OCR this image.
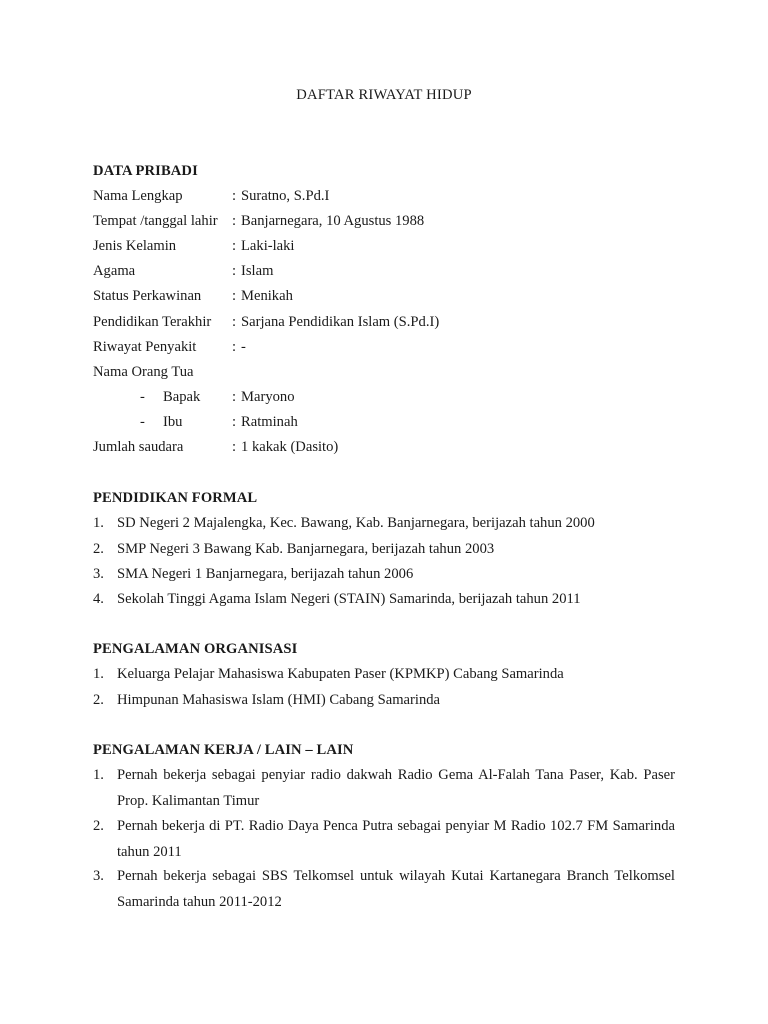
DAFTAR RIWAYAT HIDUP
DATA PRIBADI
Nama Lengkap	: Suratno, S.Pd.I
Tempat /tanggal lahir : Banjarnegara, 10 Agustus 1988
Jenis Kelamin	: Laki-laki
Agama	: Islam
Status Perkawinan : Menikah
Pendidikan Terakhir : Sarjana Pendidikan Islam (S.Pd.I)
Riwayat Penyakit : -
Nama Orang Tua
- Bapak : Maryono
- Ibu	: Ratminah
Jumlah saudara	: 1 kakak (Dasito)
PENDIDIKAN FORMAL
1. SD Negeri 2 Majalengka, Kec. Bawang, Kab. Banjarnegara, berijazah tahun 2000
2. SMP Negeri 3 Bawang Kab. Banjarnegara, berijazah tahun 2003
3. SMA Negeri 1 Banjarnegara, berijazah tahun 2006
4. Sekolah Tinggi Agama Islam Negeri (STAIN) Samarinda, berijazah tahun 2011
PENGALAMAN ORGANISASI
1. Keluarga Pelajar Mahasiswa Kabupaten Paser (KPMKP) Cabang Samarinda
2. Himpunan Mahasiswa Islam (HMI) Cabang Samarinda
PENGALAMAN KERJA / LAIN – LAIN
1. Pernah bekerja sebagai penyiar radio dakwah Radio Gema Al-Falah Tana Paser, Kab. Paser Prop. Kalimantan Timur
2. Pernah bekerja di PT. Radio Daya Penca Putra sebagai penyiar M Radio 102.7 FM Samarinda tahun 2011
3. Pernah bekerja sebagai SBS Telkomsel untuk wilayah Kutai Kartanegara Branch Telkomsel Samarinda tahun 2011-2012
